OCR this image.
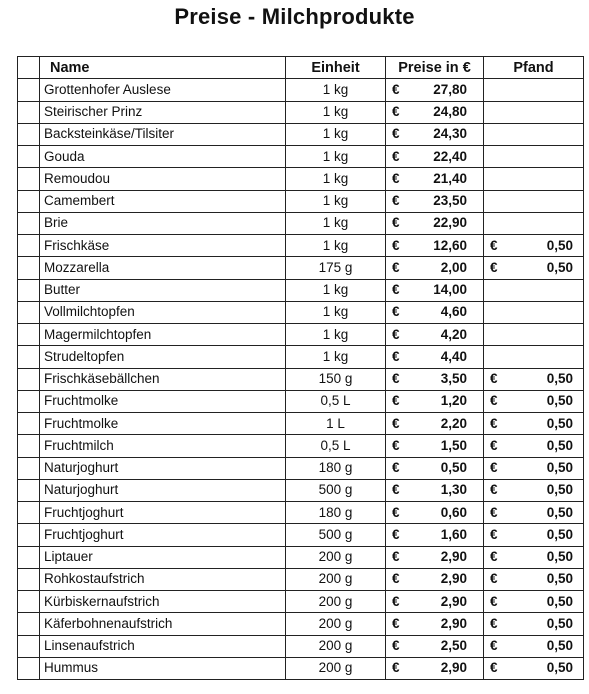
Preise - Milchprodukte
	Name	Einheit	Preise in €	Pfand
	Grottenhofer Auslese	1 kg	€ 27,80	

	Steirischer Prinz	1 kg	€ 24,80	

	Backsteinkäse/Tilsiter	1 kg	€ 24,30	

	Gouda	1 kg	€ 22,40	

	Remoudou	1 kg	€ 21,40	

	Camembert	1 kg	€ 23,50	

	Brie	1 kg	€ 22,90	

	Frischkäse	1 kg	€ 12,60	€ 0,50

	Mozzarella	175 g	€ 2,00	€ 0,50

	Butter	1 kg	€ 14,00	

	Vollmilchtopfen	1 kg	€ 4,60	

	Magermilchtopfen	1 kg	€ 4,20	

	Strudeltopfen	1 kg	€ 4,40	

	Frischkäsebällchen	150 g	€ 3,50	€ 0,50

	Fruchtmolke	0,5 L	€ 1,20	€ 0,50

	Fruchtmolke	1 L	€ 2,20	€ 0,50

	Fruchtmilch	0,5 L	€ 1,50	€ 0,50

	Naturjoghurt	180 g	€ 0,50	€ 0,50

	Naturjoghurt	500 g	€ 1,30	€ 0,50

	Fruchtjoghurt	180 g	€ 0,60	€ 0,50

	Fruchtjoghurt	500 g	€ 1,60	€ 0,50

	Liptauer	200 g	€ 2,90	€ 0,50

	Rohkostaufstrich	200 g	€ 2,90	€ 0,50

	Kürbiskernaufstrich	200 g	€ 2,90	€ 0,50

	Käferbohnenaufstrich	200 g	€ 2,90	€ 0,50

	Linsenaufstrich	200 g	€ 2,50	€ 0,50

	Hummus	200 g	€ 2,90	€ 0,50
